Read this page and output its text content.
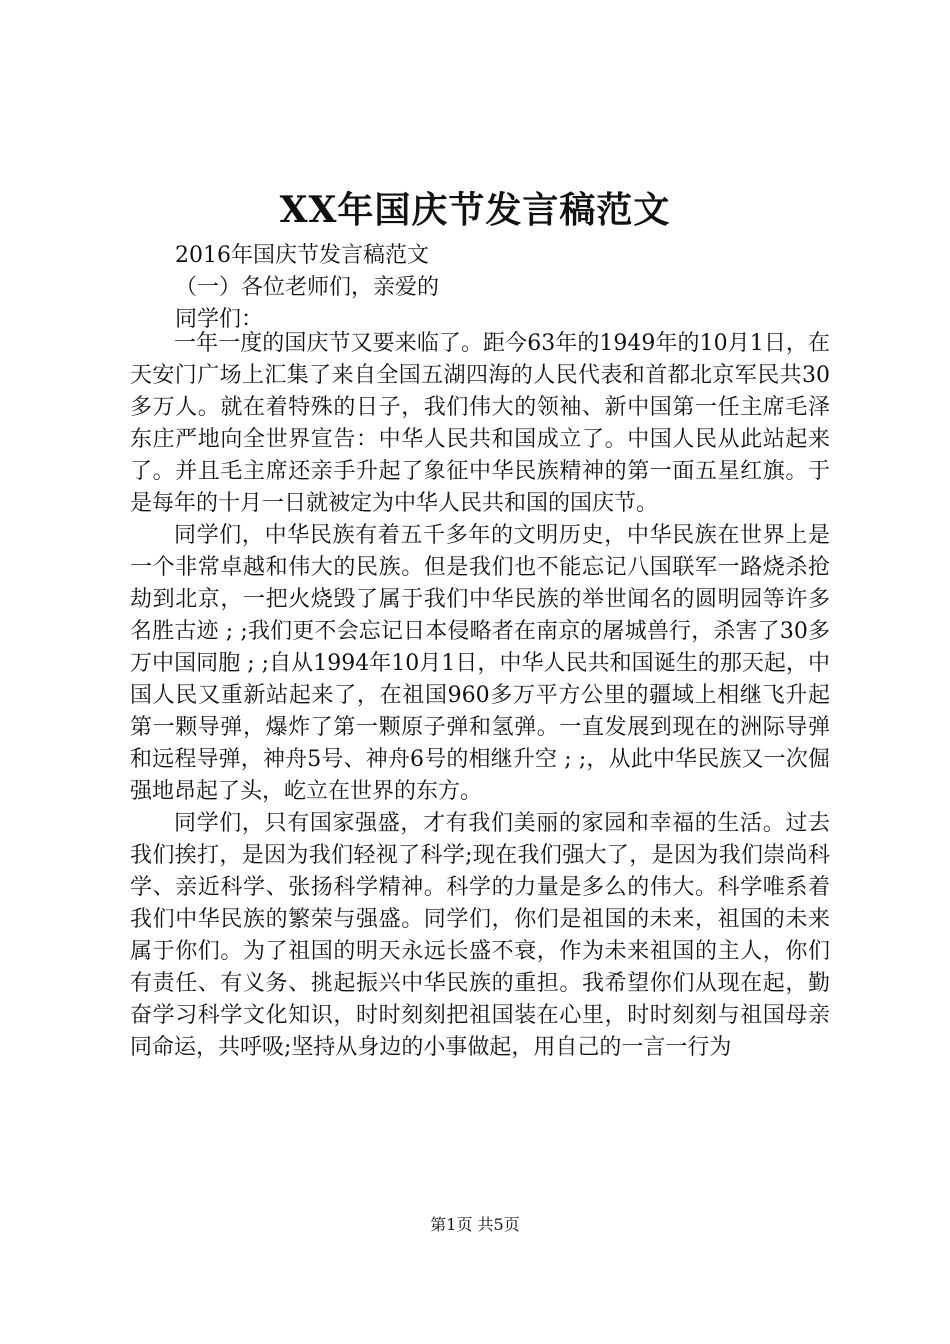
XX年国庆节发言稿范文
2016年国庆节发言稿范文
（一）各位老师们，亲爱的
同学们：

一年一度的国庆节又要来临了。距今63年的1949年的10月1日，在天安门广场上汇集了来自全国五湖四海的人民代表和首都北京军民共30多万人。就在着特殊的日子，我们伟大的领袖、新中国第一任主席毛泽东庄严地向全世界宣告：中华人民共和国成立了。中国人民从此站起来了。并且毛主席还亲手升起了象征中华民族精神的第一面五星红旗。于是每年的十月一日就被定为中华人民共和国的国庆节。

同学们，中华民族有着五千多年的文明历史，中华民族在世界上是一个非常卓越和伟大的民族。但是我们也不能忘记八国联军一路烧杀抢劫到北京，一把火烧毁了属于我们中华民族的举世闻名的圆明园等许多名胜古迹 ; ;我们更不会忘记日本侵略者在南京的屠城兽行，杀害了30多万中国同胞 ; ;自从1994年10月1日，中华人民共和国诞生的那天起，中国人民又重新站起来了，在祖国960多万平方公里的疆域上相继飞升起第一颗导弹，爆炸了第一颗原子弹和氢弹。一直发展到现在的洲际导弹和远程导弹，神舟5号、神舟6号的相继升空 ; ;，从此中华民族又一次倔强地昂起了头，屹立在世界的东方。

同学们，只有国家强盛，才有我们美丽的家园和幸福的生活。过去我们挨打，是因为我们轻视了科学;现在我们强大了，是因为我们崇尚科学、亲近科学、张扬科学精神。科学的力量是多么的伟大。科学唯系着我们中华民族的繁荣与强盛。同学们，你们是祖国的未来，祖国的未来属于你们。为了祖国的明天永远长盛不衰，作为未来祖国的主人，你们有责任、有义务、挑起振兴中华民族的重担。我希望你们从现在起，勤奋学习科学文化知识，时时刻刻把祖国装在心里，时时刻刻与祖国母亲同命运，共呼吸;坚持从身边的小事做起，用自己的一言一行为

第1页 共5页
